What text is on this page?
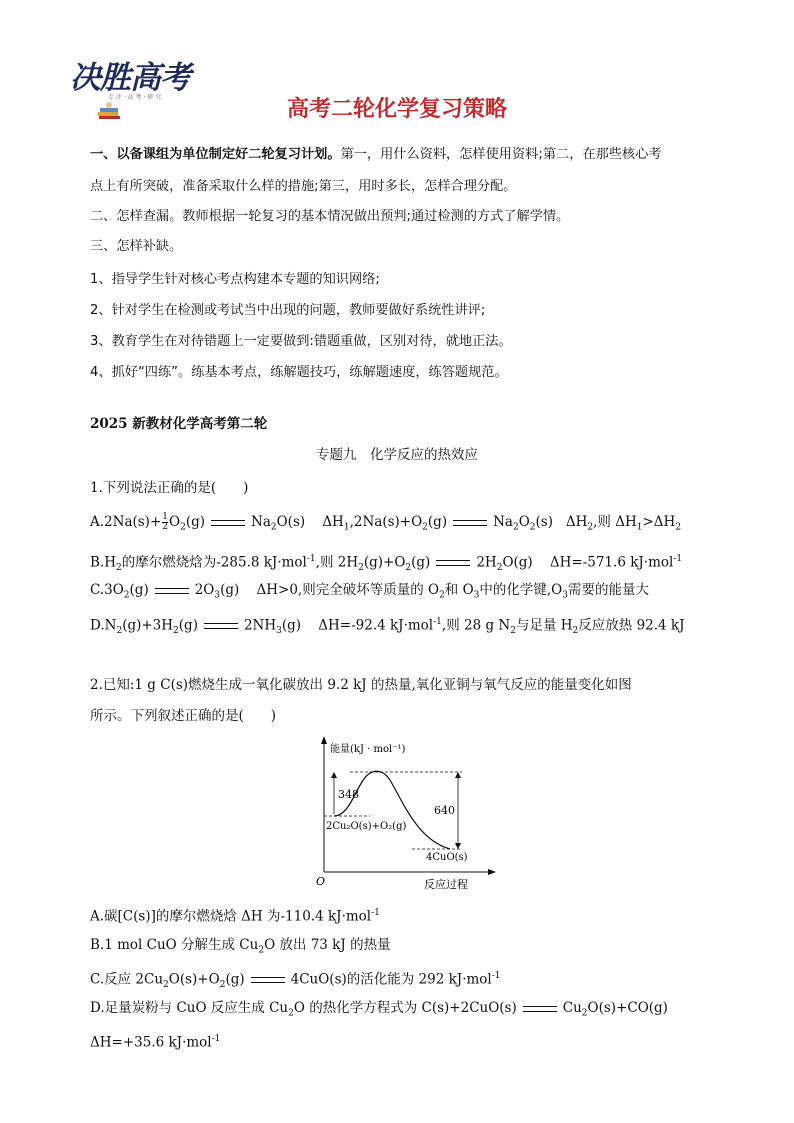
决胜高考
专 注 · 高 考 · 研 究	高考二轮化学复习策略
一、以备课组为单位制定好二轮复习计划。第一，用什么资料，怎样使用资料;第二，在那些核心考
点上有所突破，准备采取什么样的措施;第三，用时多长，怎样合理分配。
二、怎样查漏。教师根据一轮复习的基本情况做出预判;通过检测的方式了解学情。
三、怎样补缺。
1、指导学生针对核心考点构建本专题的知识网络;
2、针对学生在检测或考试当中出现的问题，教师要做好系统性讲评;
3、教育学生在对待错题上一定要做到:错题重做，区别对待，就地正法。
4、抓好“四练”。练基本考点，练解题技巧，练解题速度，练答题规范。
2025 新教材化学高考第二轮
专题九　化学反应的热效应
1.下列说法正确的是(　　)
$A.2Na(s)+ \frac{1}{2} O_2(g)$	$Na_2O(s)$ $\Delta H_1,2Na(s)+O_2(g)$	$Na_2O_2(s)$ $\Delta H_2$,则 $\Delta H_1>\Delta H_2$
$B.H_2$的摩尔燃烧焓为-285.8 kJ·mol$^{-1}$,则 $2H_2(g)+O_2(g)$	$2H_2O(g)$ ΔH=-571.6 kJ·mol$^{-1}$
$C.3O_2(g)$	$2O_3(g)$ ΔH>0,则完全破坏等质量的 $O_2$和 $O_3$中的化学键$,O_3$需要的能量大
$D.N_2(g)+3H_2(g)$	$2NH_3(g)$ ΔH=-92.4 kJ·mol$^{-1}$,则 28 g $N_2$与足量 $H_2$反应放热 92.4 kJ
2.已知:1 g C(s)燃烧生成一氧化碳放出 9.2 kJ 的热量,氧化亚铜与氧气反应的能量变化如图
所示。下列叙述正确的是(　　)
能量(kJ · mol⁻¹)
反应过程
O
348
640
2Cu₂O(s)+O₂(g)
4CuO(s)
A.碳[C(s)]的摩尔燃烧焓 ΔH 为-110.4 kJ·mol$^{-1}$
B.1 mol CuO 分解生成 $Cu_2O$ 放出 73 kJ 的热量
C.反应 $2Cu_2O(s)+O_2(g)$	4CuO(s)的活化能为 292 kJ·mol$^{-1}$
D.足量炭粉与 CuO 反应生成 $Cu_2O$ 的热化学方程式为 C(s)+2CuO(s)	$Cu_2O(s)+CO(g)$
ΔH=+35.6 kJ·mol$^{-1}$
